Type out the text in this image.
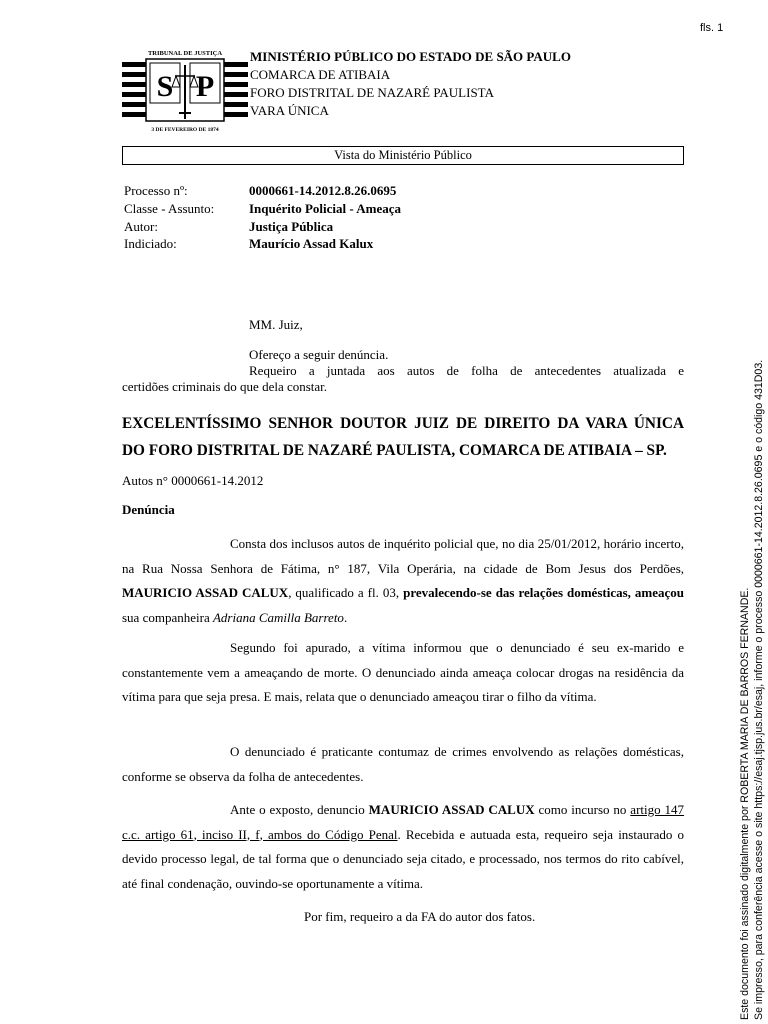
fls. 1
TRIBUNAL DE JUSTIÇA
S P
3 DE FEVEREIRO DE 1874
MINISTÉRIO PÚBLICO DO ESTADO DE SÃO PAULO
COMARCA DE ATIBAIA
FORO DISTRITAL DE NAZARÉ PAULISTA
VARA ÚNICA
Vista do Ministério Público
Processo nº:	0000661-14.2012.8.26.0695
Classe - Assunto:	Inquérito Policial - Ameaça
Autor:	Justiça Pública
Indiciado:	Maurício Assad Kalux
MM. Juiz,
Ofereço a seguir denúncia.
Requeiro a juntada aos autos de folha de antecedentes atualizada e
certidões criminais do que dela constar.
EXCELENTÍSSIMO SENHOR DOUTOR JUIZ DE DIREITO DA VARA ÚNICA
DO FORO DISTRITAL DE NAZARÉ PAULISTA, COMARCA DE ATIBAIA – SP.
Autos n° 0000661-14.2012
Denúncia
Consta dos inclusos autos de inquérito policial que, no dia 25/01/2012, horário incerto, na Rua Nossa Senhora de Fátima, n° 187, Vila Operária, na cidade de Bom Jesus dos Perdões, MAURICIO ASSAD CALUX, qualificado a fl. 03, prevalecendo-se das relações domésticas, ameaçou sua companheira Adriana Camilla Barreto.
Segundo foi apurado, a vítima informou que o denunciado é seu ex-marido e constantemente vem a ameaçando de morte. O denunciado ainda ameaça colocar drogas na residência da vítima para que seja presa. E mais, relata que o denunciado ameaçou tirar o filho da vítima.
O denunciado é praticante contumaz de crimes envolvendo as relações domésticas, conforme se observa da folha de antecedentes.
Ante o exposto, denuncio MAURICIO ASSAD CALUX como incurso no artigo 147 c.c. artigo 61, inciso II, f, ambos do Código Penal. Recebida e autuada esta, requeiro seja instaurado o devido processo legal, de tal forma que o denunciado seja citado, e processado, nos termos do rito cabível, até final condenação, ouvindo-se oportunamente a vítima.
Por fim, requeiro a da FA do autor dos fatos.	Este documento foi assinado digitalmente por ROBERTA MARIA DE BARROS FERNANDE. Se impresso, para conferência acesse o site https://esaj.tjsp.jus.br/esaj, informe o processo 0000661-14.2012.8.26.0695 e o código 431D03.
